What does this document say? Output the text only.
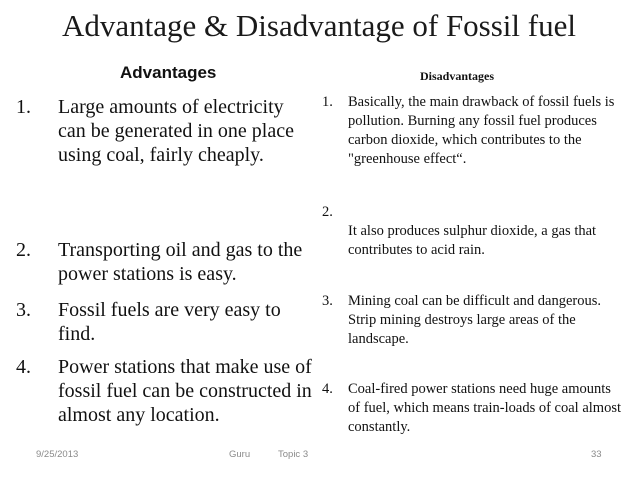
Advantage & Disadvantage of Fossil fuel
Advantages	Disadvantages
1. Large amounts of electricity can be generated in one place using coal, fairly cheaply.
2. Transporting oil and gas to the power stations is easy.
3. Fossil fuels are very easy to find.
4. Power stations that make use of fossil fuel can be constructed in almost any location.
1. Basically, the main drawback of fossil fuels is pollution. Burning any fossil fuel produces carbon dioxide, which contributes to the "greenhouse effect“.
2.
It also produces sulphur dioxide, a gas that contributes to acid rain.
3. Mining coal can be difficult and dangerous. Strip mining destroys large areas of the landscape.
4. Coal-fired power stations need huge amounts of fuel, which means train-loads of coal almost constantly.
9/25/2013	Guru	Topic 3	33
